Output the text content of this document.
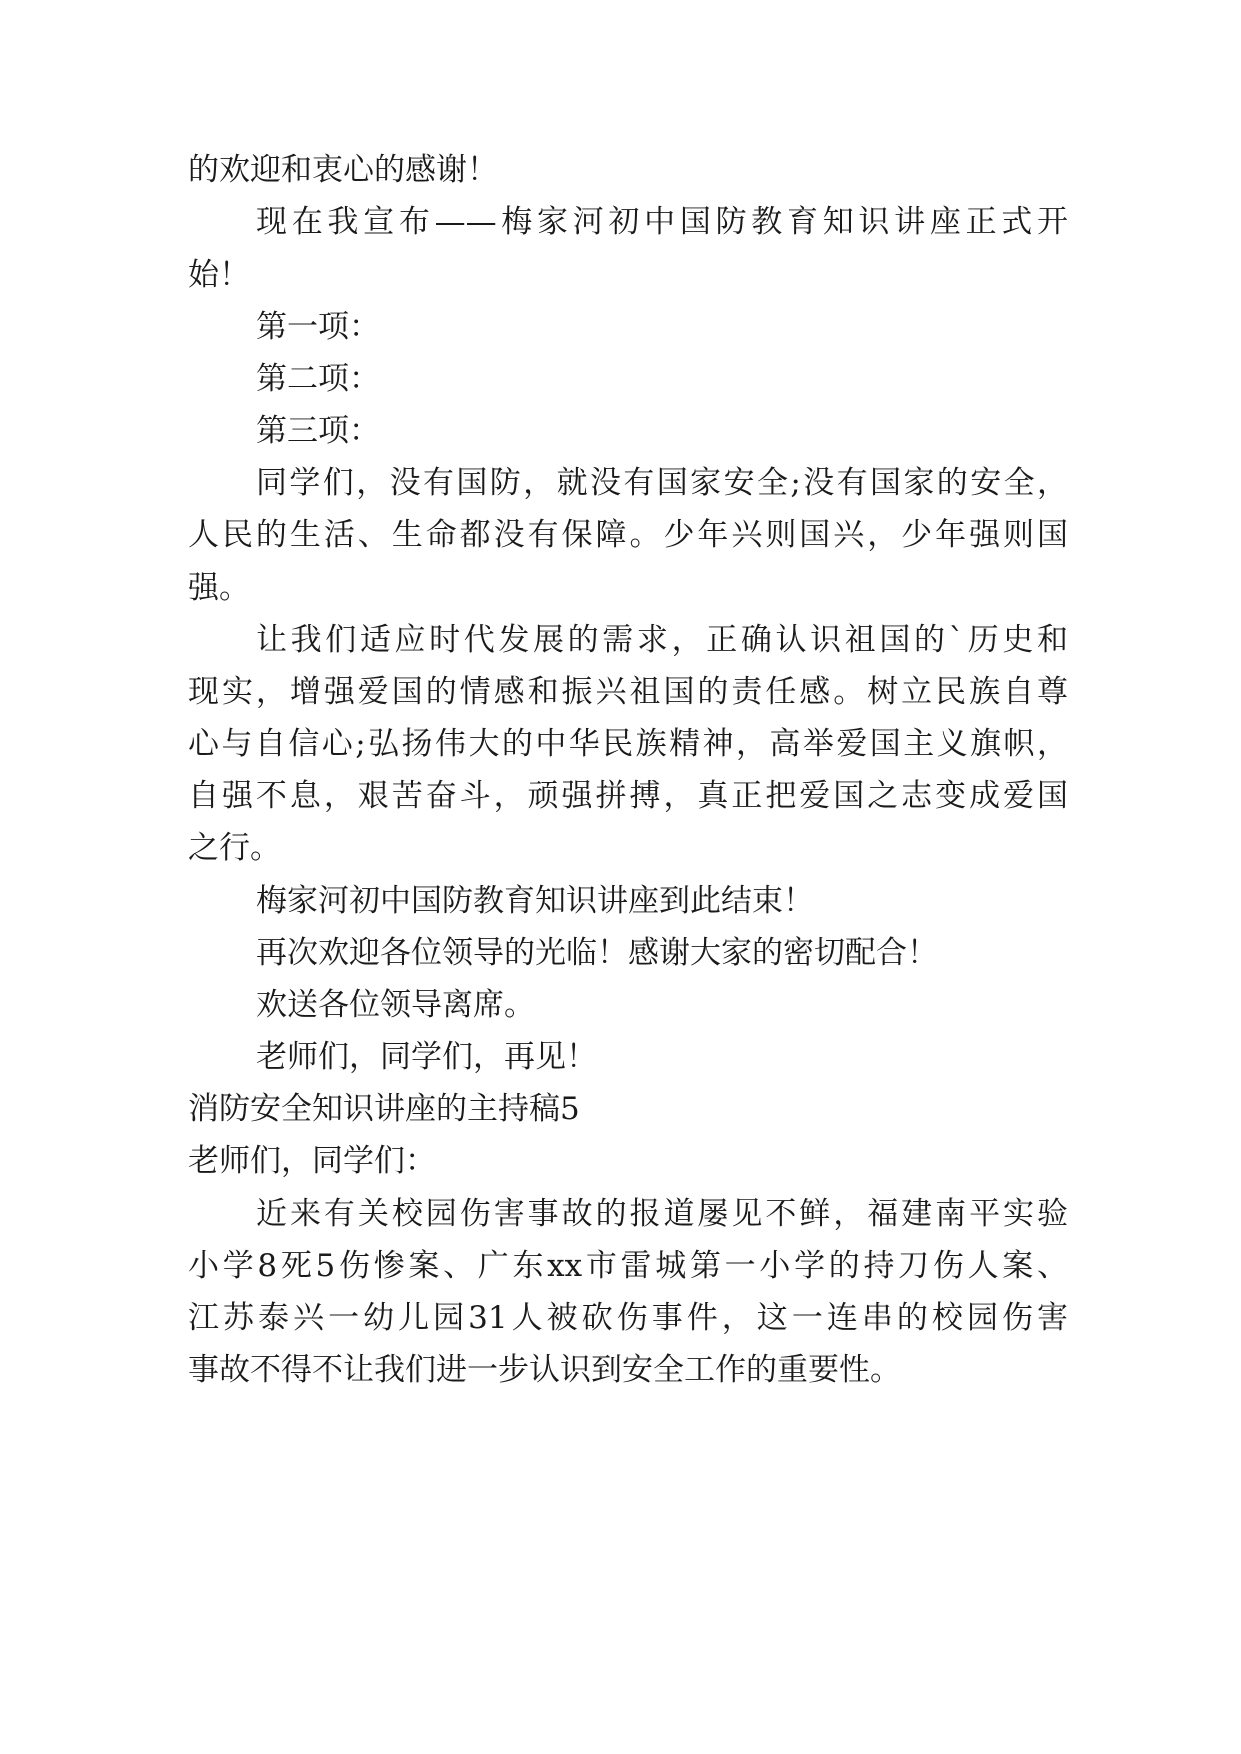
的欢迎和衷心的感谢！
现在我宣布——梅家河初中国防教育知识讲座正式开
始！
第一项：
第二项：
第三项：
同学们，没有国防，就没有国家安全;没有国家的安全，
人民的生活、生命都没有保障。少年兴则国兴，少年强则国
强。
让我们适应时代发展的需求，正确认识祖国的`历史和
现实，增强爱国的情感和振兴祖国的责任感。树立民族自尊
心与自信心;弘扬伟大的中华民族精神，高举爱国主义旗帜，
自强不息，艰苦奋斗，顽强拼搏，真正把爱国之志变成爱国
之行。
梅家河初中国防教育知识讲座到此结束！
再次欢迎各位领导的光临！感谢大家的密切配合！
欢送各位领导离席。
老师们，同学们，再见！
消防安全知识讲座的主持稿5
老师们，同学们：
近来有关校园伤害事故的报道屡见不鲜，福建南平实验
小学8死5伤惨案、广东xx市雷城第一小学的持刀伤人案、
江苏泰兴一幼儿园31人被砍伤事件，这一连串的校园伤害
事故不得不让我们进一步认识到安全工作的重要性。
